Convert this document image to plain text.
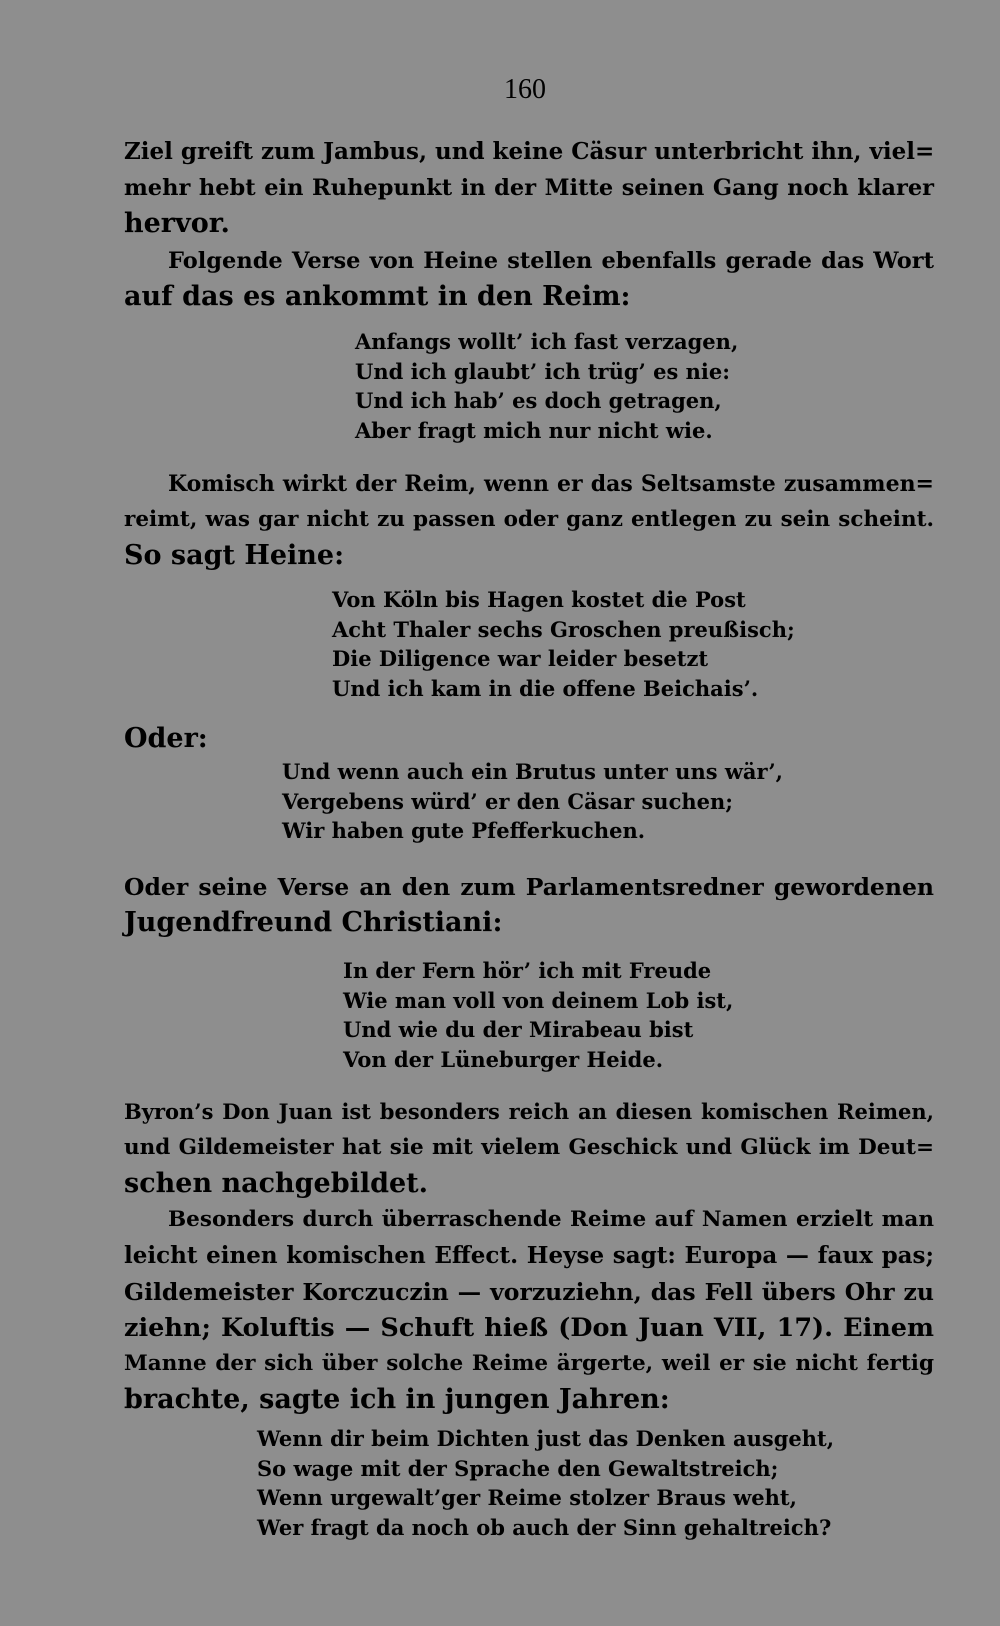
160
Ziel greift zum Jambus, und keine Cäsur unterbricht ihn, viel=
mehr hebt ein Ruhepunkt in der Mitte seinen Gang noch klarer
hervor.
Folgende Verse von Heine stellen ebenfalls gerade das Wort
auf das es ankommt in den Reim:
Anfangs wollt’ ich fast verzagen,
Und ich glaubt’ ich trüg’ es nie:
Und ich hab’ es doch getragen,
Aber fragt mich nur nicht wie.
Komisch wirkt der Reim, wenn er das Seltsamste zusammen=
reimt, was gar nicht zu passen oder ganz entlegen zu sein scheint.
So sagt Heine:
Von Köln bis Hagen kostet die Post
Acht Thaler sechs Groschen preußisch;
Die Diligence war leider besetzt
Und ich kam in die offene Beichais’.
Oder:
Und wenn auch ein Brutus unter uns wär’,
Vergebens würd’ er den Cäsar suchen;
Wir haben gute Pfefferkuchen.
Oder seine Verse an den zum Parlamentsredner gewordenen
Jugendfreund Christiani:
In der Fern hör’ ich mit Freude
Wie man voll von deinem Lob ist,
Und wie du der Mirabeau bist
Von der Lüneburger Heide.
Byron’s Don Juan ist besonders reich an diesen komischen Reimen,
und Gildemeister hat sie mit vielem Geschick und Glück im Deut=
schen nachgebildet.
Besonders durch überraschende Reime auf Namen erzielt man
leicht einen komischen Effect. Heyse sagt: Europa — faux pas;
Gildemeister Korczuczin — vorzuziehn, das Fell übers Ohr zu
ziehn; Koluftis — Schuft hieß (Don Juan VII, 17). Einem
Manne der sich über solche Reime ärgerte, weil er sie nicht fertig
brachte, sagte ich in jungen Jahren:
Wenn dir beim Dichten just das Denken ausgeht,
So wage mit der Sprache den Gewaltstreich;
Wenn urgewalt’ger Reime stolzer Braus weht,
Wer fragt da noch ob auch der Sinn gehaltreich?
